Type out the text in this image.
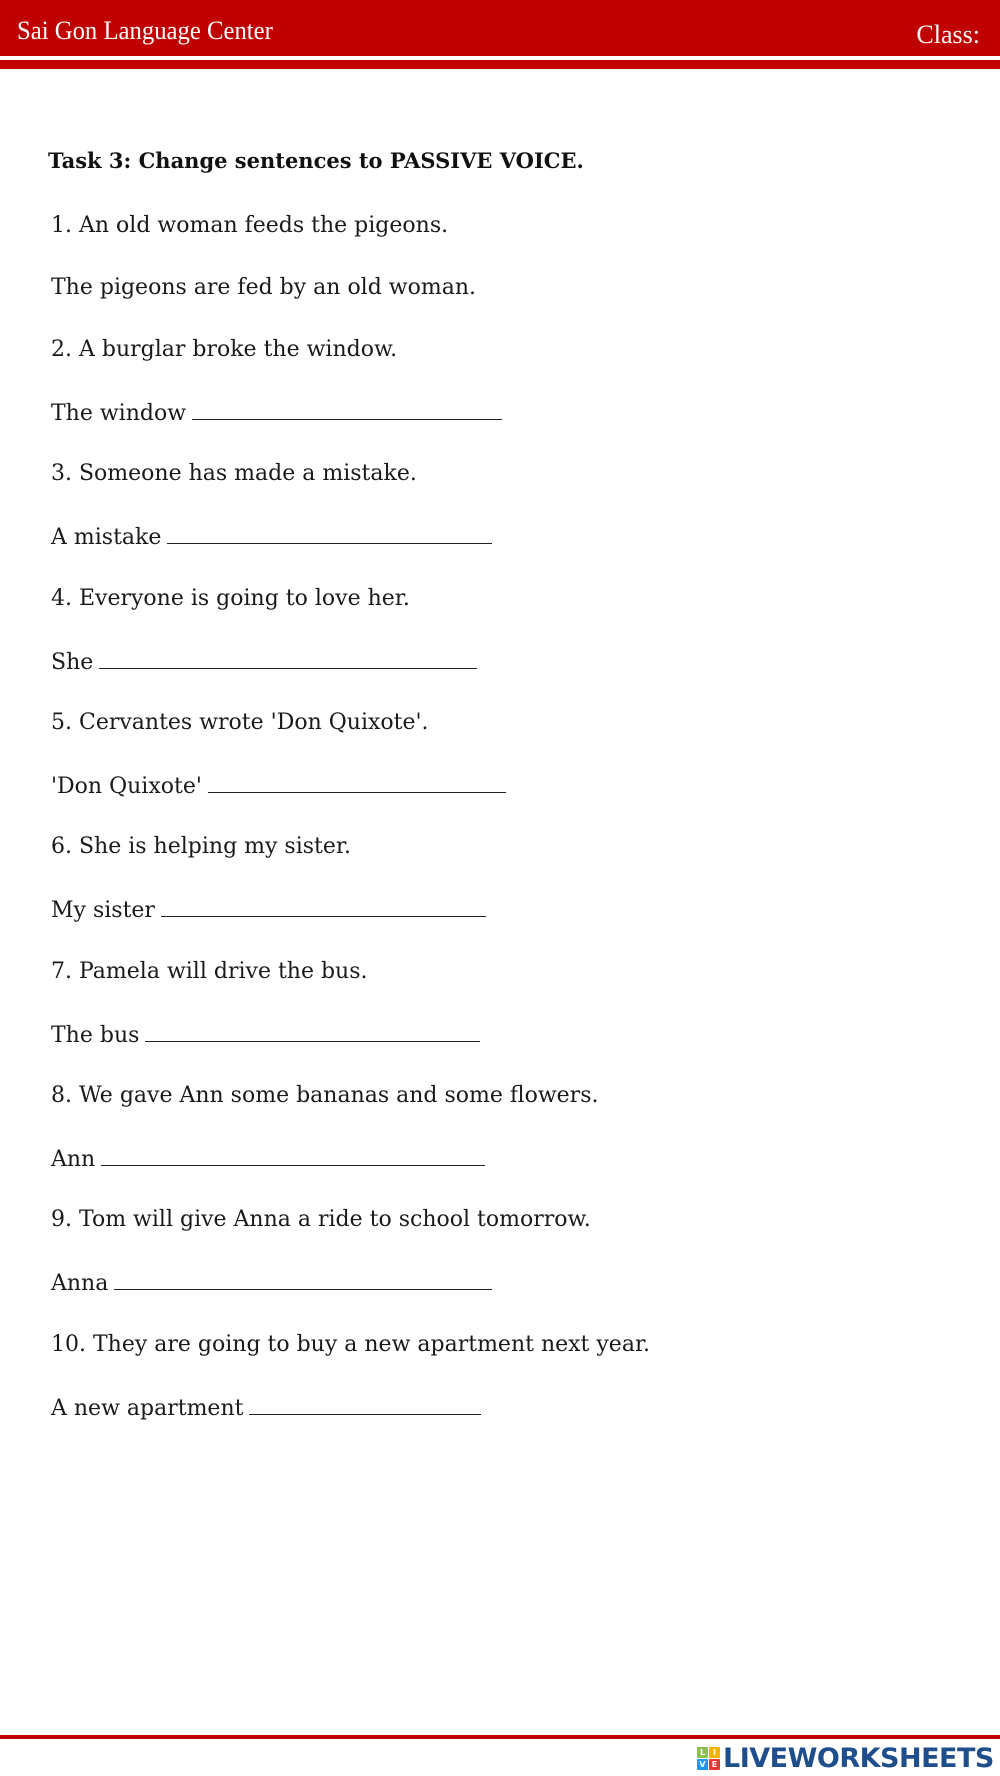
Sai Gon Language Center	Class:
Task 3: Change sentences to PASSIVE VOICE.
1. An old woman feeds the pigeons.
The pigeons are fed by an old woman.
2. A burglar broke the window.
The window
3. Someone has made a mistake.
A mistake
4. Everyone is going to love her.
She
5. Cervantes wrote 'Don Quixote'.
'Don Quixote'
6. She is helping my sister.
My sister
7. Pamela will drive the bus.
The bus
8. We gave Ann some bananas and some flowers.
Ann
9. Tom will give Anna a ride to school tomorrow.
Anna
10. They are going to buy a new apartment next year.
A new apartment
L I
V E LIVEWORKSHEETS
